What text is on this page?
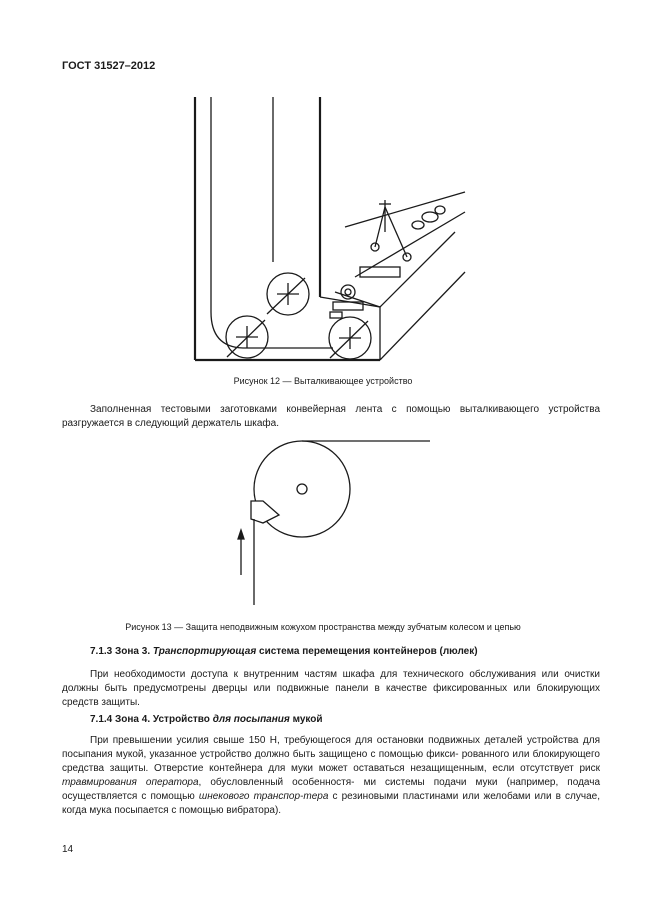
ГОСТ 31527–2012
Рисунок 12 — Выталкивающее устройство
Заполненная тестовыми заготовками конвейерная лента с помощью выталкивающего устройства разгружается в следующий держатель шкафа.
Рисунок 13 — Защита неподвижным кожухом пространства между зубчатым колесом и цепью
7.1.3 Зона 3. Транспортирующая система перемещения контейнеров (люлек)
При необходимости доступа к внутренним частям шкафа для технического обслуживания или очистки должны быть предусмотрены дверцы или подвижные панели в качестве фиксированных или блокирующих средств защиты.
7.1.4 Зона 4. Устройство для посыпания мукой
При превышении усилия свыше 150 Н, требующегося для остановки подвижных деталей устройства для посыпания мукой, указанное устройство должно быть защищено с помощью фикси- рованного или блокирующего средства защиты. Отверстие контейнера для муки может оставаться незащищенным, если отсутствует риск травмирования оператора, обусловленный особенностя- ми системы подачи муки (например, подача осуществляется с помощью шнекового транспор-тера с резиновыми пластинами или желобами или в случае, когда мука посыпается с помощью вибратора).
14
